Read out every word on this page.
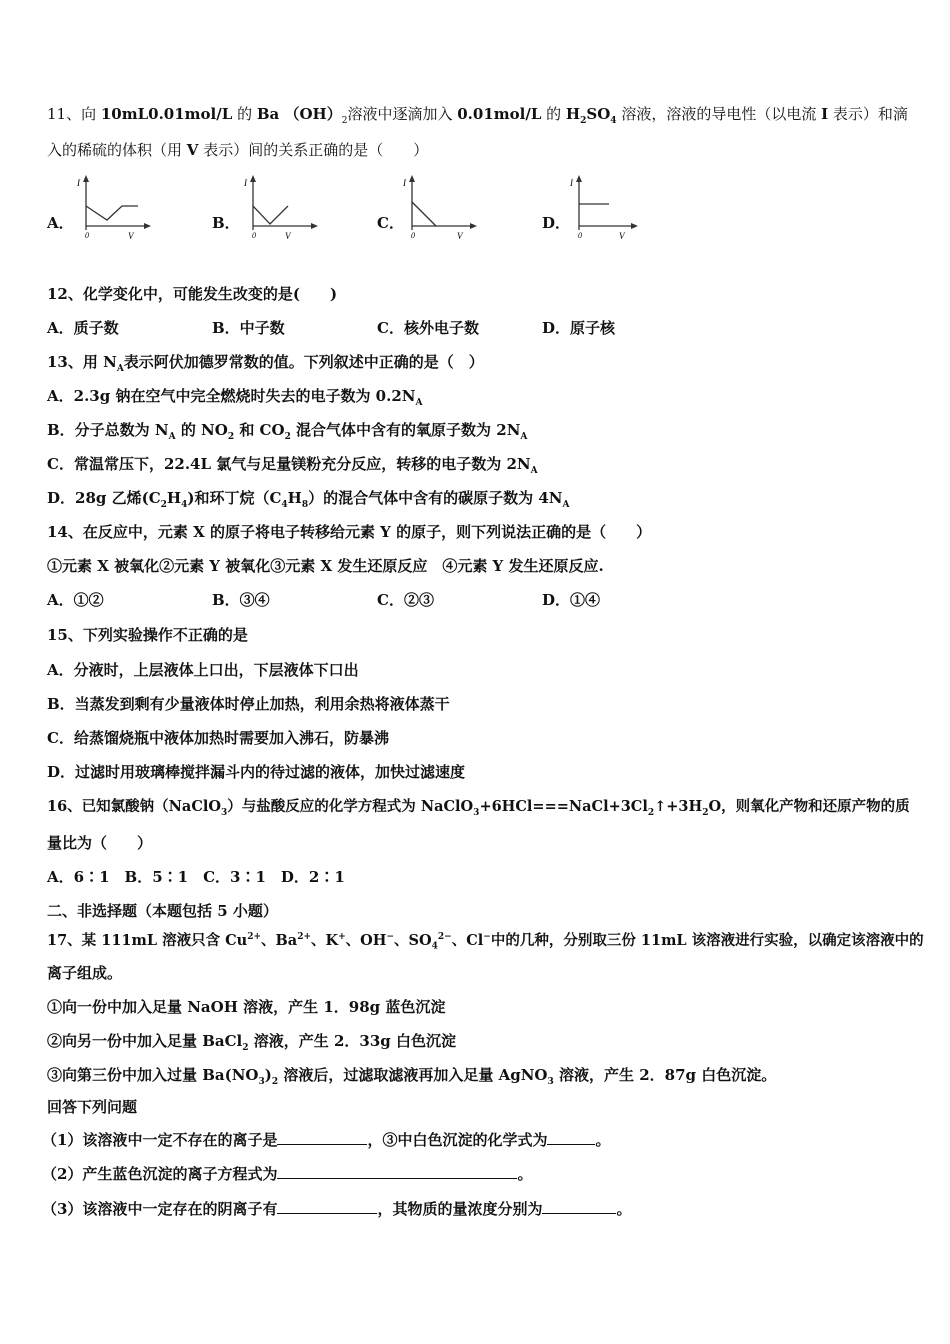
11、向 10mL0.01mol/L 的 Ba $(OH)_2$溶液中逐滴加入 0.01mol/L 的 $H_2SO_4$ 溶液，溶液的导电性（以电流 I 表示）和滴
入的稀硫的体积（用 V 表示）间的关系正确的是（　　）
A．	B．	C．	D．
I
0	V
I
0	V
I
0	V
I
0	V
12、化学变化中，可能发生改变的是(　　)
A．质子数	B．中子数	C．核外电子数	D．原子核
13、用 $N_A$表示阿伏加德罗常数的值。下列叙述中正确的是（　）
A．2.3g 钠在空气中完全燃烧时失去的电子数为 $0.2N_A$
B．分子总数为 $N_A$ 的 $NO_2$ 和 $CO_2$ 混合气体中含有的氧原子数为 $2N_A$
C．常温常压下，22.4L 氯气与足量镁粉充分反应，转移的电子数为 $2N_A$
D．28g 乙烯$(C_2H_4)$和环丁烷$(C_4H_8)$的混合气体中含有的碳原子数为 $4N_A$
14、在反应中，元素 X 的原子将电子转移给元素 Y 的原子，则下列说法正确的是（　　）
①元素 X 被氧化②元素 Y 被氧化③元素 X 发生还原反应　④元素 Y 发生还原反应.
A．①②	B．③④	C．②③	D．①④
15、下列实验操作不正确的是
A．分液时，上层液体上口出，下层液体下口出
B．当蒸发到剩有少量液体时停止加热，利用余热将液体蒸干
C．给蒸馏烧瓶中液体加热时需要加入沸石，防暴沸
D．过滤时用玻璃棒搅拌漏斗内的待过滤的液体，加快过滤速度
16、已知氯酸钠（NaClO$_3$）与盐酸反应的化学方程式为 $NaClO_3+6HCl===NaCl+3Cl_2↑+3H_2O$，则氧化产物和还原产物的质
量比为（　　）
A．6∶1　B．5∶1　C．3∶1　D．2∶1
二、非选择题（本题包括 5 小题）
17、某 111mL 溶液只含 $Cu^{2+}$、$Ba^{2+}$、K+、OH−、$SO_4^{2-}$、Cl−中的几种，分别取三份 11mL 该溶液进行实验，以确定该溶液中的
离子组成。
①向一份中加入足量 NaOH 溶液，产生 1．98g 蓝色沉淀
②向另一份中加入足量 BaCl$_2$ 溶液，产生 2．33g 白色沉淀
③向第三份中加入过量 $Ba(NO_3)_2$ 溶液后，过滤取滤液再加入足量 AgNO$_3$ 溶液，产生 2．87g 白色沉淀。
回答下列问题
（1）该溶液中一定不存在的离子是	，③中白色沉淀的化学式为	。
（2）产生蓝色沉淀的离子方程式为	。
（3）该溶液中一定存在的阴离子有	，其物质的量浓度分别为	。
